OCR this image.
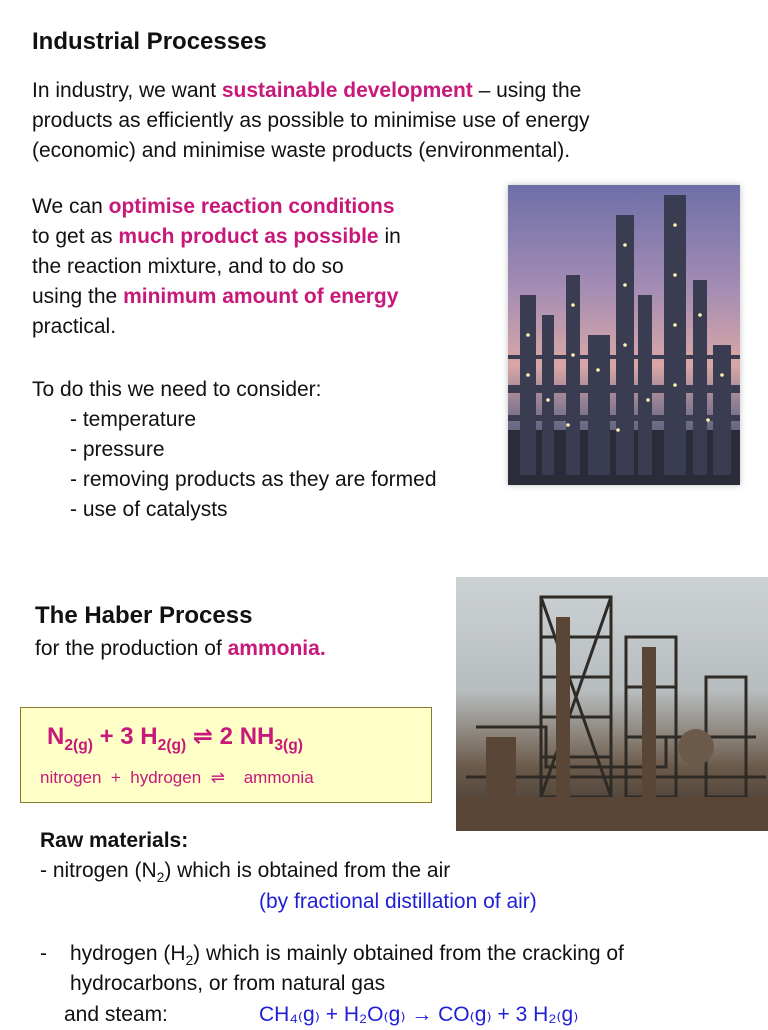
Industrial Processes

In industry, we want sustainable development – using the

products as efficiently as possible to minimise use of energy

(economic) and minimise waste products (environmental).

We can optimise reaction conditions

to get as much product as possible in

the reaction mixture, and to do so

using the minimum amount of energy

practical.

To do this we need to consider:

- temperature

- pressure

- removing products as they are formed

- use of catalysts

The Haber Process

for the production of ammonia.

$N_{2(g)} + 3$ $H_{2(g)}$ ⇌ 2 $NH_{3(g)}$
nitrogen  +  hydrogen  ⇌    ammonia

Raw materials:

- nitrogen $(N_2)$ which is obtained from the air

(by fractional distillation of air)

- hydrogen $(H_2)$ which is mainly obtained from the cracking of

hydrocarbons, or from natural gas

and steam:	CH₄₍g₎ + H₂O₍g₎ → CO₍g₎ + 3 H₂₍g₎
